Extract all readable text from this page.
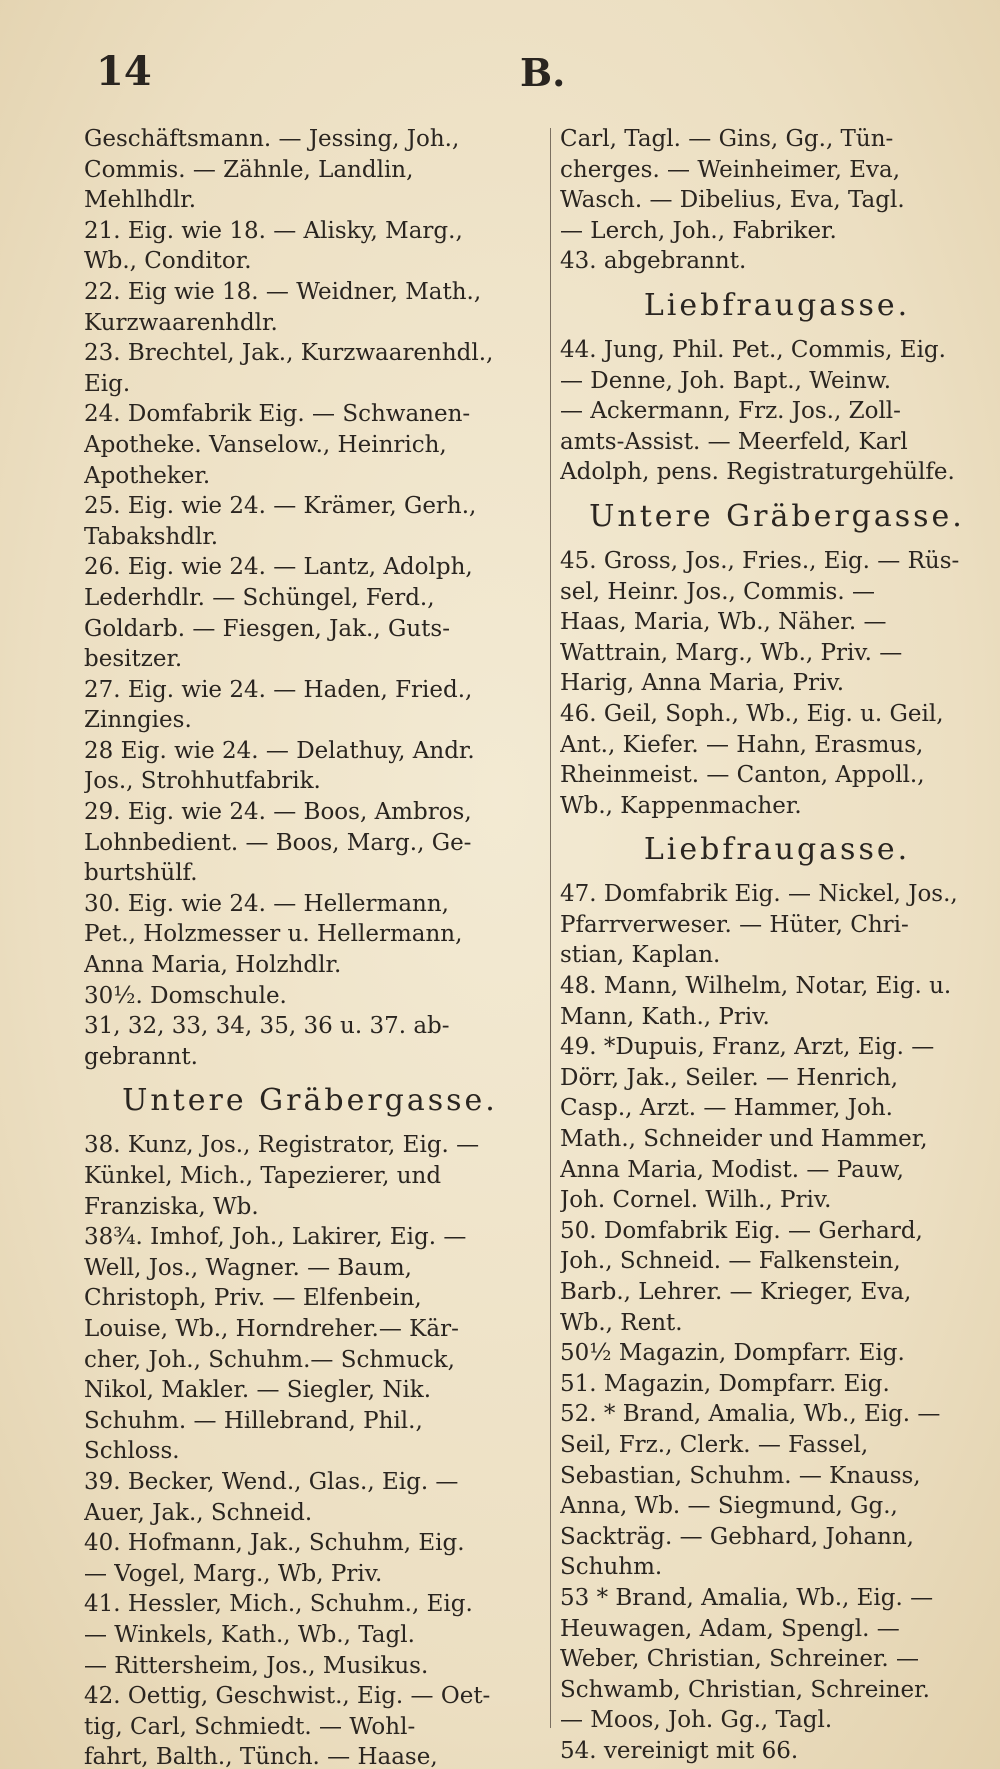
14	B.
Geschäftsmann. — Jessing, Joh.,
Commis. — Zähnle, Landlin,
Mehlhdlr.
21. Eig. wie 18. — Alisky, Marg.,
Wb., Conditor.
22. Eig wie 18. — Weidner, Math.,
Kurzwaarenhdlr.
23. Brechtel, Jak., Kurzwaarenhdl.,
Eig.
24. Domfabrik Eig. — Schwanen-
Apotheke. Vanselow., Heinrich,
Apotheker.
25. Eig. wie 24. — Krämer, Gerh.,
Tabakshdlr.
26. Eig. wie 24. — Lantz, Adolph,
Lederhdlr. — Schüngel, Ferd.,
Goldarb. — Fiesgen, Jak., Guts-
besitzer.
27. Eig. wie 24. — Haden, Fried.,
Zinngies.
28 Eig. wie 24. — Delathuy, Andr.
Jos., Strohhutfabrik.
29. Eig. wie 24. — Boos, Ambros,
Lohnbedient. — Boos, Marg., Ge-
burtshülf.
30. Eig. wie 24. — Hellermann,
Pet., Holzmesser u. Hellermann,
Anna Maria, Holzhdlr.
30½. Domschule.
31, 32, 33, 34, 35, 36 u. 37. ab-
gebrannt.
Untere Gräbergasse.
38. Kunz, Jos., Registrator, Eig. —
Künkel, Mich., Tapezierer, und
Franziska, Wb.
38¾. Imhof, Joh., Lakirer, Eig. —
Well, Jos., Wagner. — Baum,
Christoph, Priv. — Elfenbein,
Louise, Wb., Horndreher.— Kär-
cher, Joh., Schuhm.— Schmuck,
Nikol, Makler. — Siegler, Nik.
Schuhm. — Hillebrand, Phil.,
Schloss.
39. Becker, Wend., Glas., Eig. —
Auer, Jak., Schneid.
40. Hofmann, Jak., Schuhm, Eig.
— Vogel, Marg., Wb, Priv.
41. Hessler, Mich., Schuhm., Eig.
— Winkels, Kath., Wb., Tagl.
— Rittersheim, Jos., Musikus.
42. Oettig, Geschwist., Eig. — Oet-
tig, Carl, Schmiedt. — Wohl-
fahrt, Balth., Tünch. — Haase,
Carl, Tagl. — Gins, Gg., Tün-
cherges. — Weinheimer, Eva,
Wasch. — Dibelius, Eva, Tagl.
— Lerch, Joh., Fabriker.
43. abgebrannt.
Liebfraugasse.
44. Jung, Phil. Pet., Commis, Eig.
— Denne, Joh. Bapt., Weinw.
— Ackermann, Frz. Jos., Zoll-
amts-Assist. — Meerfeld, Karl
Adolph, pens. Registraturgehülfe.
Untere Gräbergasse.
45. Gross, Jos., Fries., Eig. — Rüs-
sel, Heinr. Jos., Commis. —
Haas, Maria, Wb., Näher. —
Wattrain, Marg., Wb., Priv. —
Harig, Anna Maria, Priv.
46. Geil, Soph., Wb., Eig. u. Geil,
Ant., Kiefer. — Hahn, Erasmus,
Rheinmeist. — Canton, Appoll.,
Wb., Kappenmacher.
Liebfraugasse.
47. Domfabrik Eig. — Nickel, Jos.,
Pfarrverweser. — Hüter, Chri-
stian, Kaplan.
48. Mann, Wilhelm, Notar, Eig. u.
Mann, Kath., Priv.
49. *Dupuis, Franz, Arzt, Eig. —
Dörr, Jak., Seiler. — Henrich,
Casp., Arzt. — Hammer, Joh.
Math., Schneider und Hammer,
Anna Maria, Modist. — Pauw,
Joh. Cornel. Wilh., Priv.
50. Domfabrik Eig. — Gerhard,
Joh., Schneid. — Falkenstein,
Barb., Lehrer. — Krieger, Eva,
Wb., Rent.
50½ Magazin, Dompfarr. Eig.
51. Magazin, Dompfarr. Eig.
52. * Brand, Amalia, Wb., Eig. —
Seil, Frz., Clerk. — Fassel,
Sebastian, Schuhm. — Knauss,
Anna, Wb. — Siegmund, Gg.,
Sackträg. — Gebhard, Johann,
Schuhm.
53 * Brand, Amalia, Wb., Eig. —
Heuwagen, Adam, Spengl. —
Weber, Christian, Schreiner. —
Schwamb, Christian, Schreiner.
— Moos, Joh. Gg., Tagl.
54. vereinigt mit 66.
